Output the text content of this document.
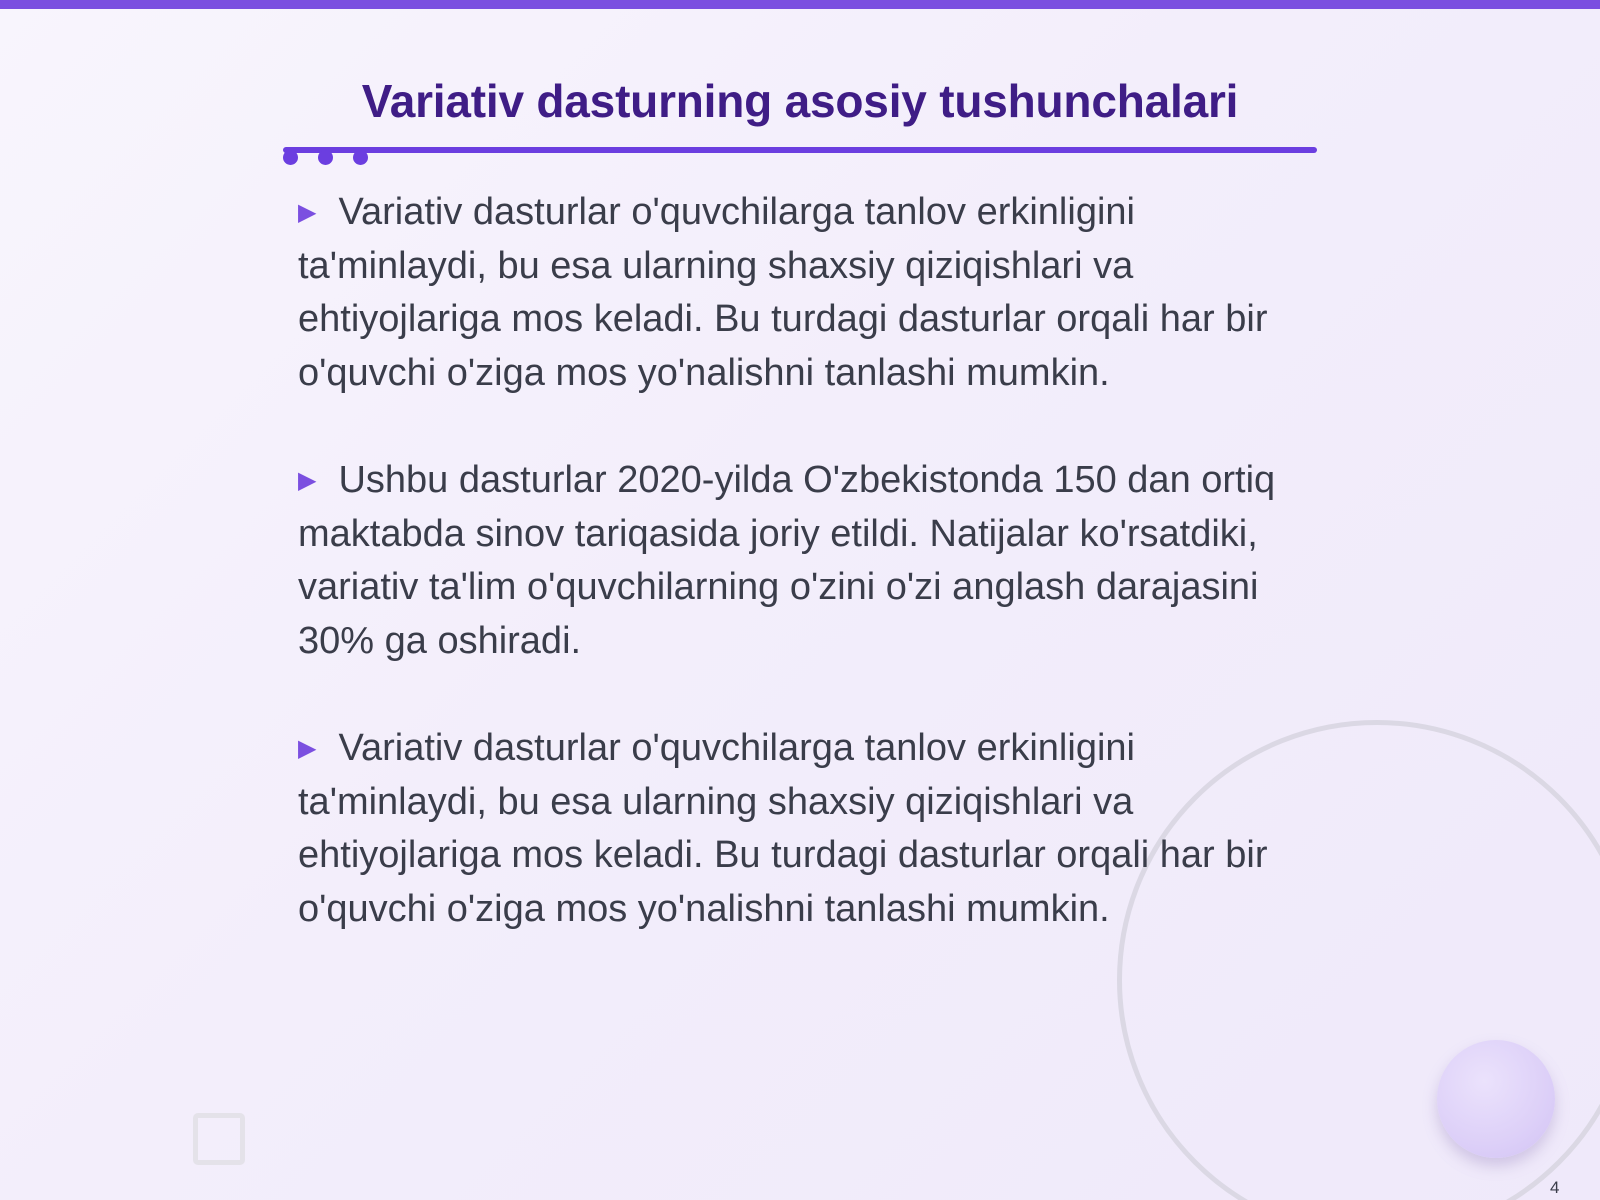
Variativ dasturning asosiy tushunchalari
▶ Variativ dasturlar o'quvchilarga tanlov erkinligini ta'minlaydi, bu esa ularning shaxsiy qiziqishlari va ehtiyojlariga mos keladi. Bu turdagi dasturlar orqali har bir o'quvchi o'ziga mos yo'nalishni tanlashi mumkin.
▶ Ushbu dasturlar 2020-yilda O'zbekistonda 150 dan ortiq maktabda sinov tariqasida joriy etildi. Natijalar ko'rsatdiki, variativ ta'lim o'quvchilarning o'zini o'zi anglash darajasini 30% ga oshiradi.
▶ Variativ dasturlar o'quvchilarga tanlov erkinligini ta'minlaydi, bu esa ularning shaxsiy qiziqishlari va ehtiyojlariga mos keladi. Bu turdagi dasturlar orqali har bir o'quvchi o'ziga mos yo'nalishni tanlashi mumkin.
4
